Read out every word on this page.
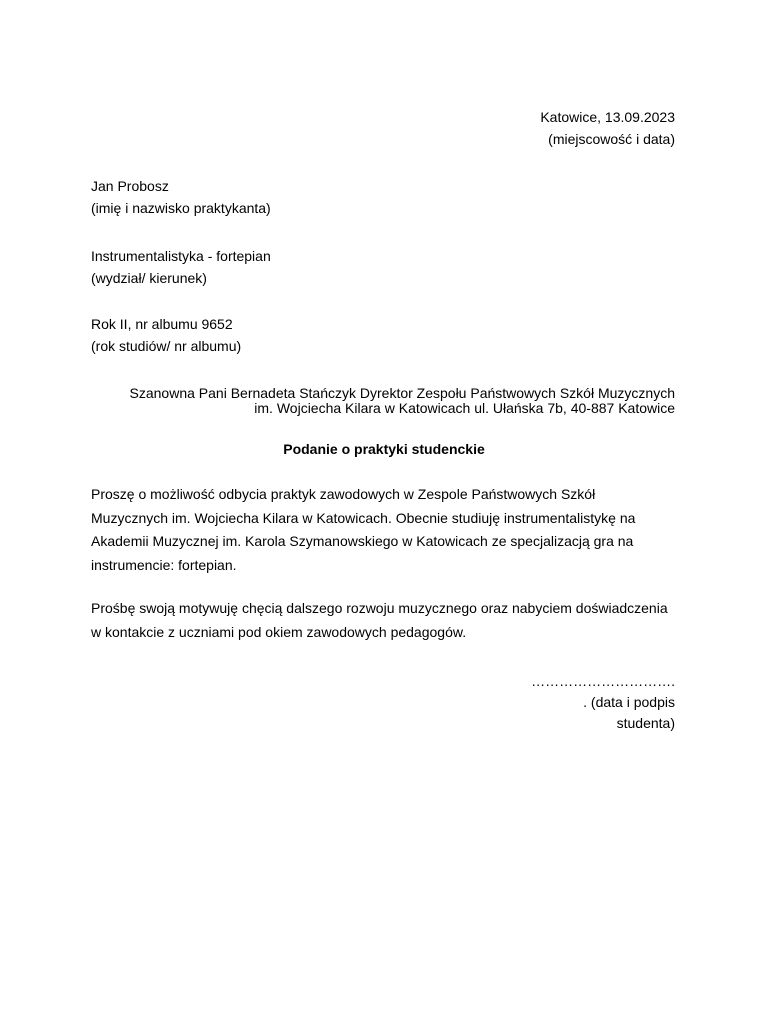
Katowice, 13.09.2023
(miejscowość i data)
Jan Probosz
(imię i nazwisko praktykanta)
Instrumentalistyka - fortepian
(wydział/ kierunek)
Rok II, nr albumu 9652
(rok studiów/ nr albumu)
Szanowna Pani Bernadeta Stańczyk Dyrektor Zespołu Państwowych Szkół Muzycznych
im. Wojciecha Kilara w Katowicach ul. Ułańska 7b, 40-887 Katowice
Podanie o praktyki studenckie
Proszę o możliwość odbycia praktyk zawodowych w Zespole Państwowych Szkół
Muzycznych im. Wojciecha Kilara w Katowicach. Obecnie studiuję instrumentalistykę na
Akademii Muzycznej im. Karola Szymanowskiego w Katowicach ze specjalizacją gra na
instrumencie: fortepian.
Prośbę swoją motywuję chęcią dalszego rozwoju muzycznego oraz nabyciem doświadczenia
w kontakcie z uczniami pod okiem zawodowych pedagogów.
………………………….
. (data i podpis
studenta)
